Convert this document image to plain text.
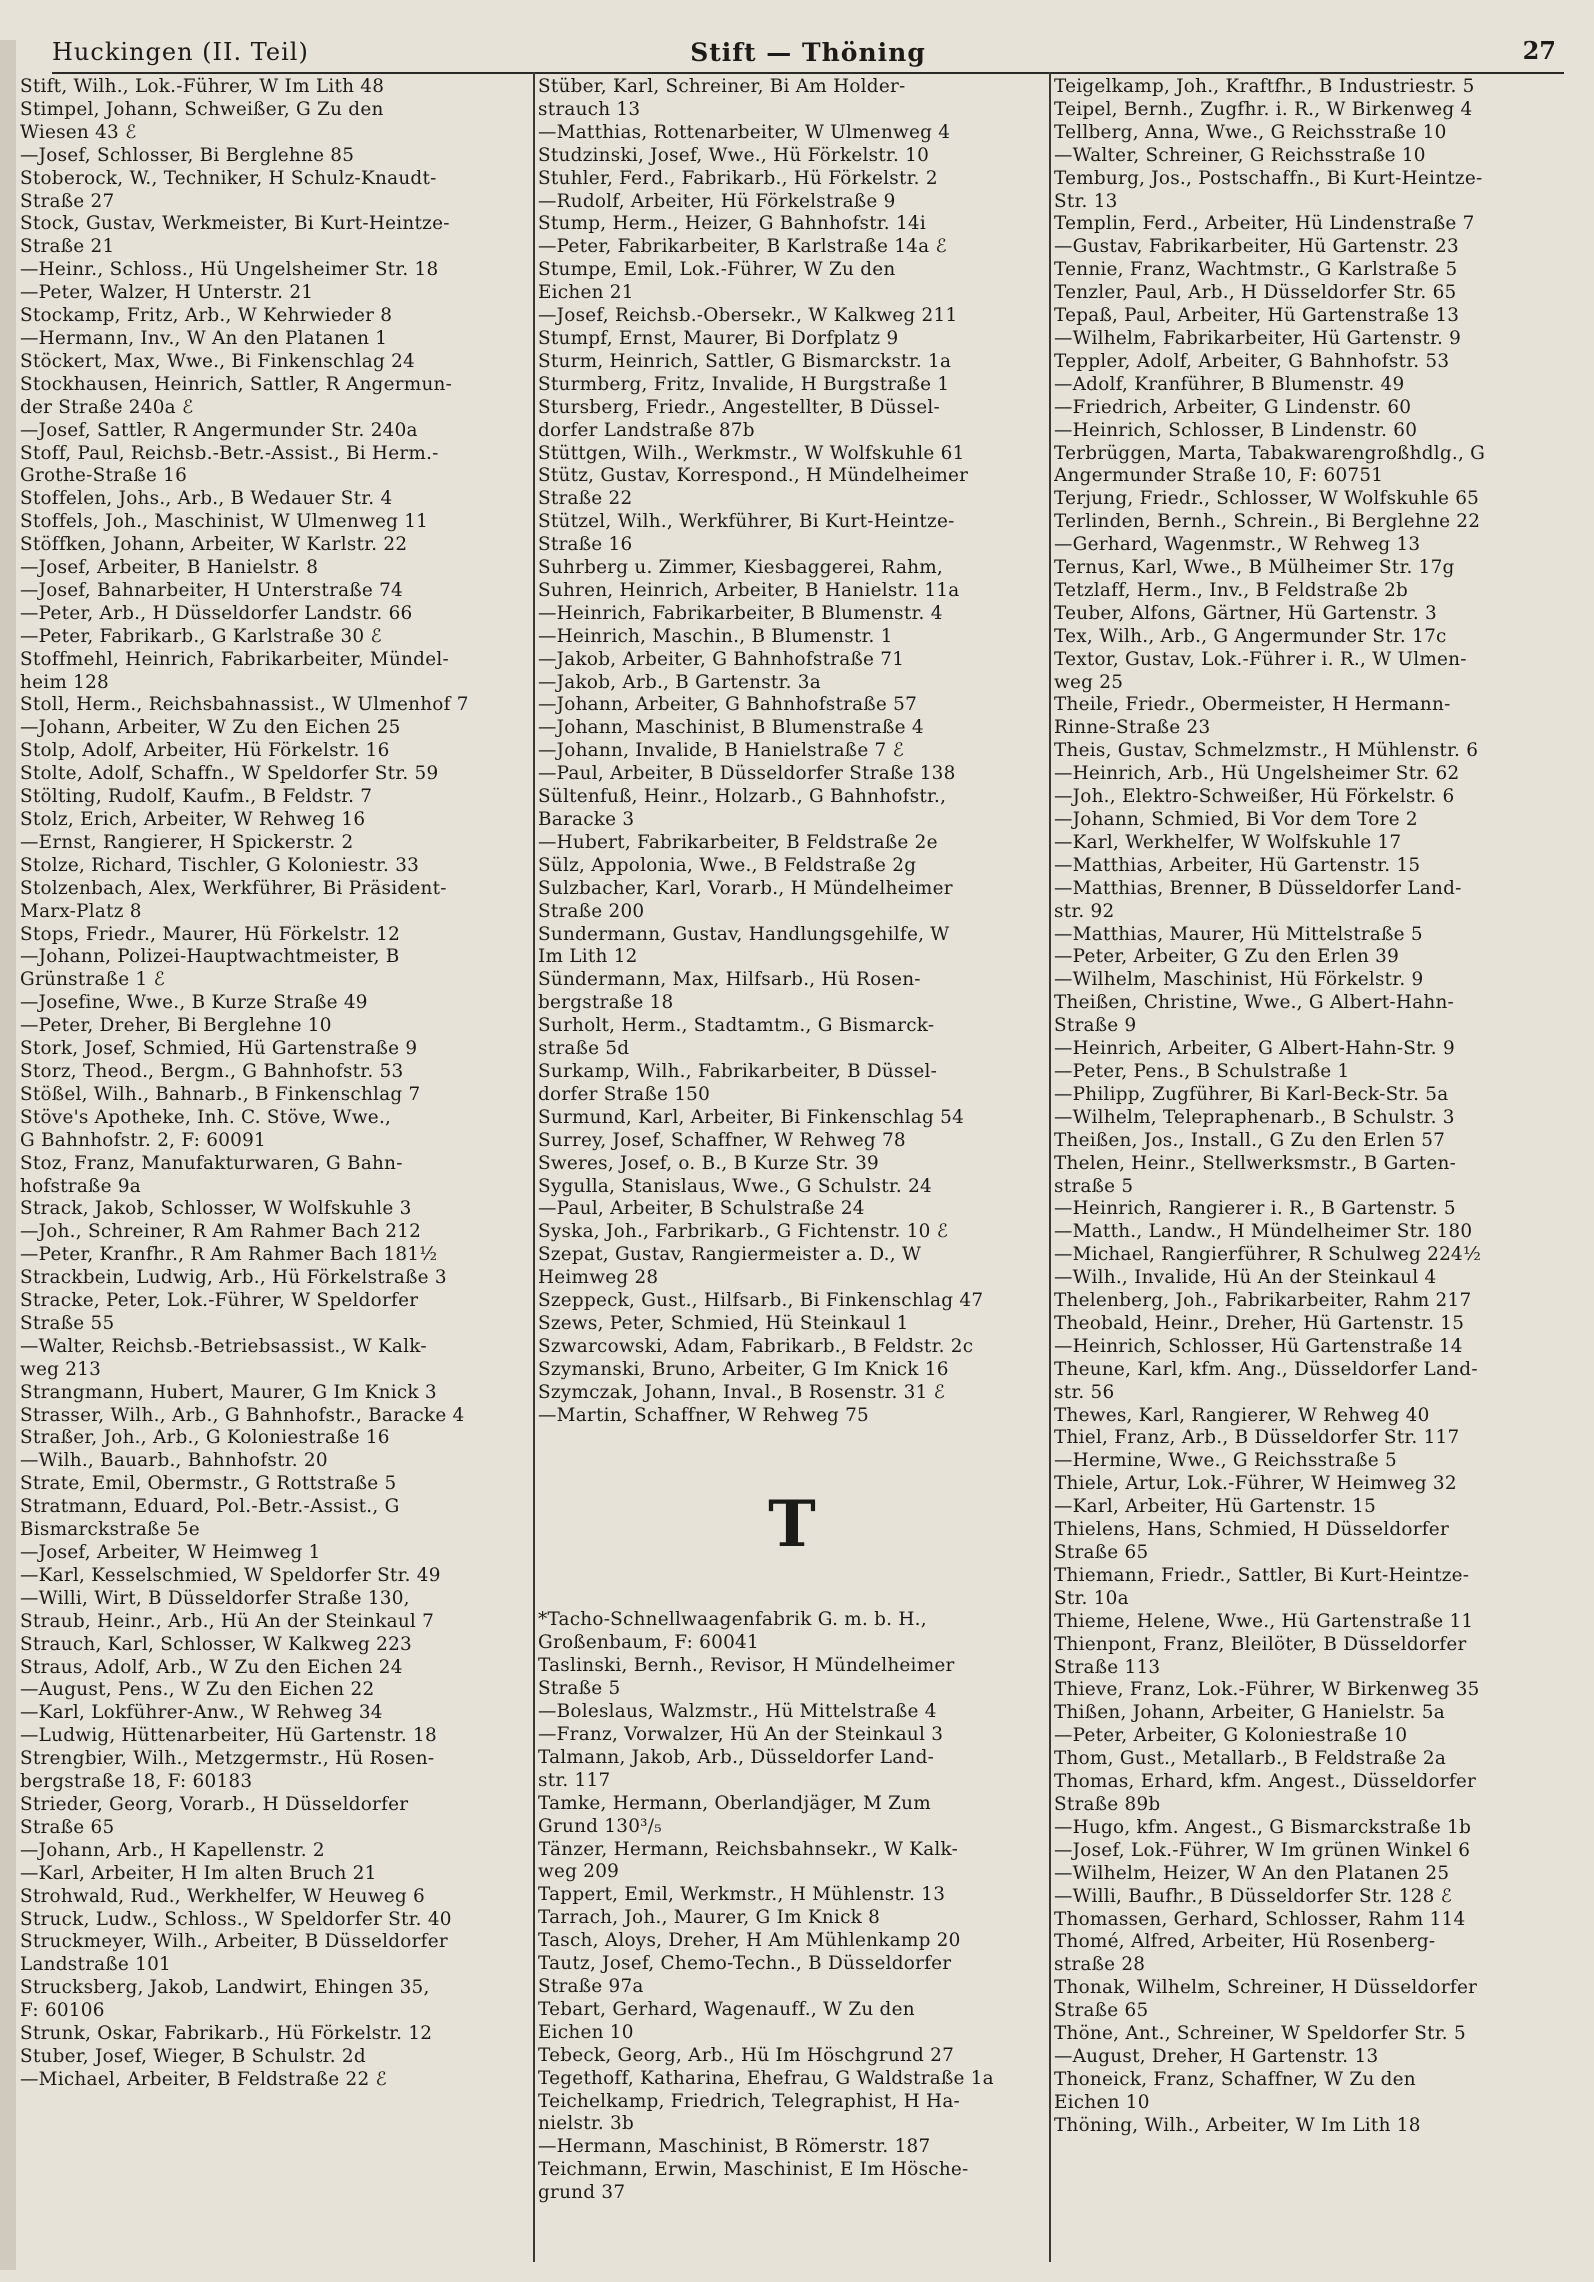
Huckingen (II. Teil)	Stift — Thöning	27
Stift, Wilh., Lok.-Führer, W Im Lith 48
Stimpel, Johann, Schweißer, G Zu den
Wiesen 43 ℰ
—Josef, Schlosser, Bi Berglehne 85
Stoberock, W., Techniker, H Schulz-Knaudt-
Straße 27
Stock, Gustav, Werkmeister, Bi Kurt-Heintze-
Straße 21
—Heinr., Schloss., Hü Ungelsheimer Str. 18
—Peter, Walzer, H Unterstr. 21
Stockamp, Fritz, Arb., W Kehrwieder 8
—Hermann, Inv., W An den Platanen 1
Stöckert, Max, Wwe., Bi Finkenschlag 24
Stockhausen, Heinrich, Sattler, R Angermun-
der Straße 240a ℰ
—Josef, Sattler, R Angermunder Str. 240a
Stoff, Paul, Reichsb.-Betr.-Assist., Bi Herm.-
Grothe-Straße 16
Stoffelen, Johs., Arb., B Wedauer Str. 4
Stoffels, Joh., Maschinist, W Ulmenweg 11
Stöffken, Johann, Arbeiter, W Karlstr. 22
—Josef, Arbeiter, B Hanielstr. 8
—Josef, Bahnarbeiter, H Unterstraße 74
—Peter, Arb., H Düsseldorfer Landstr. 66
—Peter, Fabrikarb., G Karlstraße 30 ℰ
Stoffmehl, Heinrich, Fabrikarbeiter, Mündel-
heim 128
Stoll, Herm., Reichsbahnassist., W Ulmenhof 7
—Johann, Arbeiter, W Zu den Eichen 25
Stolp, Adolf, Arbeiter, Hü Förkelstr. 16
Stolte, Adolf, Schaffn., W Speldorfer Str. 59
Stölting, Rudolf, Kaufm., B Feldstr. 7
Stolz, Erich, Arbeiter, W Rehweg 16
—Ernst, Rangierer, H Spickerstr. 2
Stolze, Richard, Tischler, G Koloniestr. 33
Stolzenbach, Alex, Werkführer, Bi Präsident-
Marx-Platz 8
Stops, Friedr., Maurer, Hü Förkelstr. 12
—Johann, Polizei-Hauptwachtmeister, B
Grünstraße 1 ℰ
—Josefine, Wwe., B Kurze Straße 49
—Peter, Dreher, Bi Berglehne 10
Stork, Josef, Schmied, Hü Gartenstraße 9
Storz, Theod., Bergm., G Bahnhofstr. 53
Stößel, Wilh., Bahnarb., B Finkenschlag 7
Stöve's Apotheke, Inh. C. Stöve, Wwe.,
G Bahnhofstr. 2, F: 60091
Stoz, Franz, Manufakturwaren, G Bahn-
hofstraße 9a
Strack, Jakob, Schlosser, W Wolfskuhle 3
—Joh., Schreiner, R Am Rahmer Bach 212
—Peter, Kranfhr., R Am Rahmer Bach 181½
Strackbein, Ludwig, Arb., Hü Förkelstraße 3
Stracke, Peter, Lok.-Führer, W Speldorfer
Straße 55
—Walter, Reichsb.-Betriebsassist., W Kalk-
weg 213
Strangmann, Hubert, Maurer, G Im Knick 3
Strasser, Wilh., Arb., G Bahnhofstr., Baracke 4
Straßer, Joh., Arb., G Koloniestraße 16
—Wilh., Bauarb., Bahnhofstr. 20
Strate, Emil, Obermstr., G Rottstraße 5
Stratmann, Eduard, Pol.-Betr.-Assist., G
Bismarckstraße 5e
—Josef, Arbeiter, W Heimweg 1
—Karl, Kesselschmied, W Speldorfer Str. 49
—Willi, Wirt, B Düsseldorfer Straße 130,
Straub, Heinr., Arb., Hü An der Steinkaul 7
Strauch, Karl, Schlosser, W Kalkweg 223
Straus, Adolf, Arb., W Zu den Eichen 24
—August, Pens., W Zu den Eichen 22
—Karl, Lokführer-Anw., W Rehweg 34
—Ludwig, Hüttenarbeiter, Hü Gartenstr. 18
Strengbier, Wilh., Metzgermstr., Hü Rosen-
bergstraße 18, F: 60183
Strieder, Georg, Vorarb., H Düsseldorfer
Straße 65
—Johann, Arb., H Kapellenstr. 2
—Karl, Arbeiter, H Im alten Bruch 21
Strohwald, Rud., Werkhelfer, W Heuweg 6
Struck, Ludw., Schloss., W Speldorfer Str. 40
Struckmeyer, Wilh., Arbeiter, B Düsseldorfer
Landstraße 101
Strucksberg, Jakob, Landwirt, Ehingen 35,
F: 60106
Strunk, Oskar, Fabrikarb., Hü Förkelstr. 12
Stuber, Josef, Wieger, B Schulstr. 2d
—Michael, Arbeiter, B Feldstraße 22 ℰ
Stüber, Karl, Schreiner, Bi Am Holder-
strauch 13
—Matthias, Rottenarbeiter, W Ulmenweg 4
Studzinski, Josef, Wwe., Hü Förkelstr. 10
Stuhler, Ferd., Fabrikarb., Hü Förkelstr. 2
—Rudolf, Arbeiter, Hü Förkelstraße 9
Stump, Herm., Heizer, G Bahnhofstr. 14i
—Peter, Fabrikarbeiter, B Karlstraße 14a ℰ
Stumpe, Emil, Lok.-Führer, W Zu den
Eichen 21
—Josef, Reichsb.-Obersekr., W Kalkweg 211
Stumpf, Ernst, Maurer, Bi Dorfplatz 9
Sturm, Heinrich, Sattler, G Bismarckstr. 1a
Sturmberg, Fritz, Invalide, H Burgstraße 1
Stursberg, Friedr., Angestellter, B Düssel-
dorfer Landstraße 87b
Stüttgen, Wilh., Werkmstr., W Wolfskuhle 61
Stütz, Gustav, Korrespond., H Mündelheimer
Straße 22
Stützel, Wilh., Werkführer, Bi Kurt-Heintze-
Straße 16
Suhrberg u. Zimmer, Kiesbaggerei, Rahm,
Suhren, Heinrich, Arbeiter, B Hanielstr. 11a
—Heinrich, Fabrikarbeiter, B Blumenstr. 4
—Heinrich, Maschin., B Blumenstr. 1
—Jakob, Arbeiter, G Bahnhofstraße 71
—Jakob, Arb., B Gartenstr. 3a
—Johann, Arbeiter, G Bahnhofstraße 57
—Johann, Maschinist, B Blumenstraße 4
—Johann, Invalide, B Hanielstraße 7 ℰ
—Paul, Arbeiter, B Düsseldorfer Straße 138
Sültenfuß, Heinr., Holzarb., G Bahnhofstr.,
Baracke 3
—Hubert, Fabrikarbeiter, B Feldstraße 2e
Sülz, Appolonia, Wwe., B Feldstraße 2g
Sulzbacher, Karl, Vorarb., H Mündelheimer
Straße 200
Sundermann, Gustav, Handlungsgehilfe, W
Im Lith 12
Sündermann, Max, Hilfsarb., Hü Rosen-
bergstraße 18
Surholt, Herm., Stadtamtm., G Bismarck-
straße 5d
Surkamp, Wilh., Fabrikarbeiter, B Düssel-
dorfer Straße 150
Surmund, Karl, Arbeiter, Bi Finkenschlag 54
Surrey, Josef, Schaffner, W Rehweg 78
Sweres, Josef, o. B., B Kurze Str. 39
Sygulla, Stanislaus, Wwe., G Schulstr. 24
—Paul, Arbeiter, B Schulstraße 24
Syska, Joh., Farbrikarb., G Fichtenstr. 10 ℰ
Szepat, Gustav, Rangiermeister a. D., W
Heimweg 28
Szeppeck, Gust., Hilfsarb., Bi Finkenschlag 47
Szews, Peter, Schmied, Hü Steinkaul 1
Szwarcowski, Adam, Fabrikarb., B Feldstr. 2c
Szymanski, Bruno, Arbeiter, G Im Knick 16
Szymczak, Johann, Inval., B Rosenstr. 31 ℰ
—Martin, Schaffner, W Rehweg 75
T
*Tacho-Schnellwaagenfabrik G. m. b. H.,
Großenbaum, F: 60041
Taslinski, Bernh., Revisor, H Mündelheimer
Straße 5
—Boleslaus, Walzmstr., Hü Mittelstraße 4
—Franz, Vorwalzer, Hü An der Steinkaul 3
Talmann, Jakob, Arb., Düsseldorfer Land-
str. 117
Tamke, Hermann, Oberlandjäger, M Zum
Grund 130³/₅
Tänzer, Hermann, Reichsbahnsekr., W Kalk-
weg 209
Tappert, Emil, Werkmstr., H Mühlenstr. 13
Tarrach, Joh., Maurer, G Im Knick 8
Tasch, Aloys, Dreher, H Am Mühlenkamp 20
Tautz, Josef, Chemo-Techn., B Düsseldorfer
Straße 97a
Tebart, Gerhard, Wagenauff., W Zu den
Eichen 10
Tebeck, Georg, Arb., Hü Im Höschgrund 27
Tegethoff, Katharina, Ehefrau, G Waldstraße 1a
Teichelkamp, Friedrich, Telegraphist, H Ha-
nielstr. 3b
—Hermann, Maschinist, B Römerstr. 187
Teichmann, Erwin, Maschinist, E Im Hösche-
grund 37
Teigelkamp, Joh., Kraftfhr., B Industriestr. 5
Teipel, Bernh., Zugfhr. i. R., W Birkenweg 4
Tellberg, Anna, Wwe., G Reichsstraße 10
—Walter, Schreiner, G Reichsstraße 10
Temburg, Jos., Postschaffn., Bi Kurt-Heintze-
Str. 13
Templin, Ferd., Arbeiter, Hü Lindenstraße 7
—Gustav, Fabrikarbeiter, Hü Gartenstr. 23
Tennie, Franz, Wachtmstr., G Karlstraße 5
Tenzler, Paul, Arb., H Düsseldorfer Str. 65
Tepaß, Paul, Arbeiter, Hü Gartenstraße 13
—Wilhelm, Fabrikarbeiter, Hü Gartenstr. 9
Teppler, Adolf, Arbeiter, G Bahnhofstr. 53
—Adolf, Kranführer, B Blumenstr. 49
—Friedrich, Arbeiter, G Lindenstr. 60
—Heinrich, Schlosser, B Lindenstr. 60
Terbrüggen, Marta, Tabakwarengroßhdlg., G
Angermunder Straße 10, F: 60751
Terjung, Friedr., Schlosser, W Wolfskuhle 65
Terlinden, Bernh., Schrein., Bi Berglehne 22
—Gerhard, Wagenmstr., W Rehweg 13
Ternus, Karl, Wwe., B Mülheimer Str. 17g
Tetzlaff, Herm., Inv., B Feldstraße 2b
Teuber, Alfons, Gärtner, Hü Gartenstr. 3
Tex, Wilh., Arb., G Angermunder Str. 17c
Textor, Gustav, Lok.-Führer i. R., W Ulmen-
weg 25
Theile, Friedr., Obermeister, H Hermann-
Rinne-Straße 23
Theis, Gustav, Schmelzmstr., H Mühlenstr. 6
—Heinrich, Arb., Hü Ungelsheimer Str. 62
—Joh., Elektro-Schweißer, Hü Förkelstr. 6
—Johann, Schmied, Bi Vor dem Tore 2
—Karl, Werkhelfer, W Wolfskuhle 17
—Matthias, Arbeiter, Hü Gartenstr. 15
—Matthias, Brenner, B Düsseldorfer Land-
str. 92
—Matthias, Maurer, Hü Mittelstraße 5
—Peter, Arbeiter, G Zu den Erlen 39
—Wilhelm, Maschinist, Hü Förkelstr. 9
Theißen, Christine, Wwe., G Albert-Hahn-
Straße 9
—Heinrich, Arbeiter, G Albert-Hahn-Str. 9
—Peter, Pens., B Schulstraße 1
—Philipp, Zugführer, Bi Karl-Beck-Str. 5a
—Wilhelm, Telepraphenarb., B Schulstr. 3
Theißen, Jos., Install., G Zu den Erlen 57
Thelen, Heinr., Stellwerksmstr., B Garten-
straße 5
—Heinrich, Rangierer i. R., B Gartenstr. 5
—Matth., Landw., H Mündelheimer Str. 180
—Michael, Rangierführer, R Schulweg 224½
—Wilh., Invalide, Hü An der Steinkaul 4
Thelenberg, Joh., Fabrikarbeiter, Rahm 217
Theobald, Heinr., Dreher, Hü Gartenstr. 15
—Heinrich, Schlosser, Hü Gartenstraße 14
Theune, Karl, kfm. Ang., Düsseldorfer Land-
str. 56
Thewes, Karl, Rangierer, W Rehweg 40
Thiel, Franz, Arb., B Düsseldorfer Str. 117
—Hermine, Wwe., G Reichsstraße 5
Thiele, Artur, Lok.-Führer, W Heimweg 32
—Karl, Arbeiter, Hü Gartenstr. 15
Thielens, Hans, Schmied, H Düsseldorfer
Straße 65
Thiemann, Friedr., Sattler, Bi Kurt-Heintze-
Str. 10a
Thieme, Helene, Wwe., Hü Gartenstraße 11
Thienpont, Franz, Bleilöter, B Düsseldorfer
Straße 113
Thieve, Franz, Lok.-Führer, W Birkenweg 35
Thißen, Johann, Arbeiter, G Hanielstr. 5a
—Peter, Arbeiter, G Koloniestraße 10
Thom, Gust., Metallarb., B Feldstraße 2a
Thomas, Erhard, kfm. Angest., Düsseldorfer
Straße 89b
—Hugo, kfm. Angest., G Bismarckstraße 1b
—Josef, Lok.-Führer, W Im grünen Winkel 6
—Wilhelm, Heizer, W An den Platanen 25
—Willi, Baufhr., B Düsseldorfer Str. 128 ℰ
Thomassen, Gerhard, Schlosser, Rahm 114
Thomé, Alfred, Arbeiter, Hü Rosenberg-
straße 28
Thonak, Wilhelm, Schreiner, H Düsseldorfer
Straße 65
Thöne, Ant., Schreiner, W Speldorfer Str. 5
—August, Dreher, H Gartenstr. 13
Thoneick, Franz, Schaffner, W Zu den
Eichen 10
Thöning, Wilh., Arbeiter, W Im Lith 18
